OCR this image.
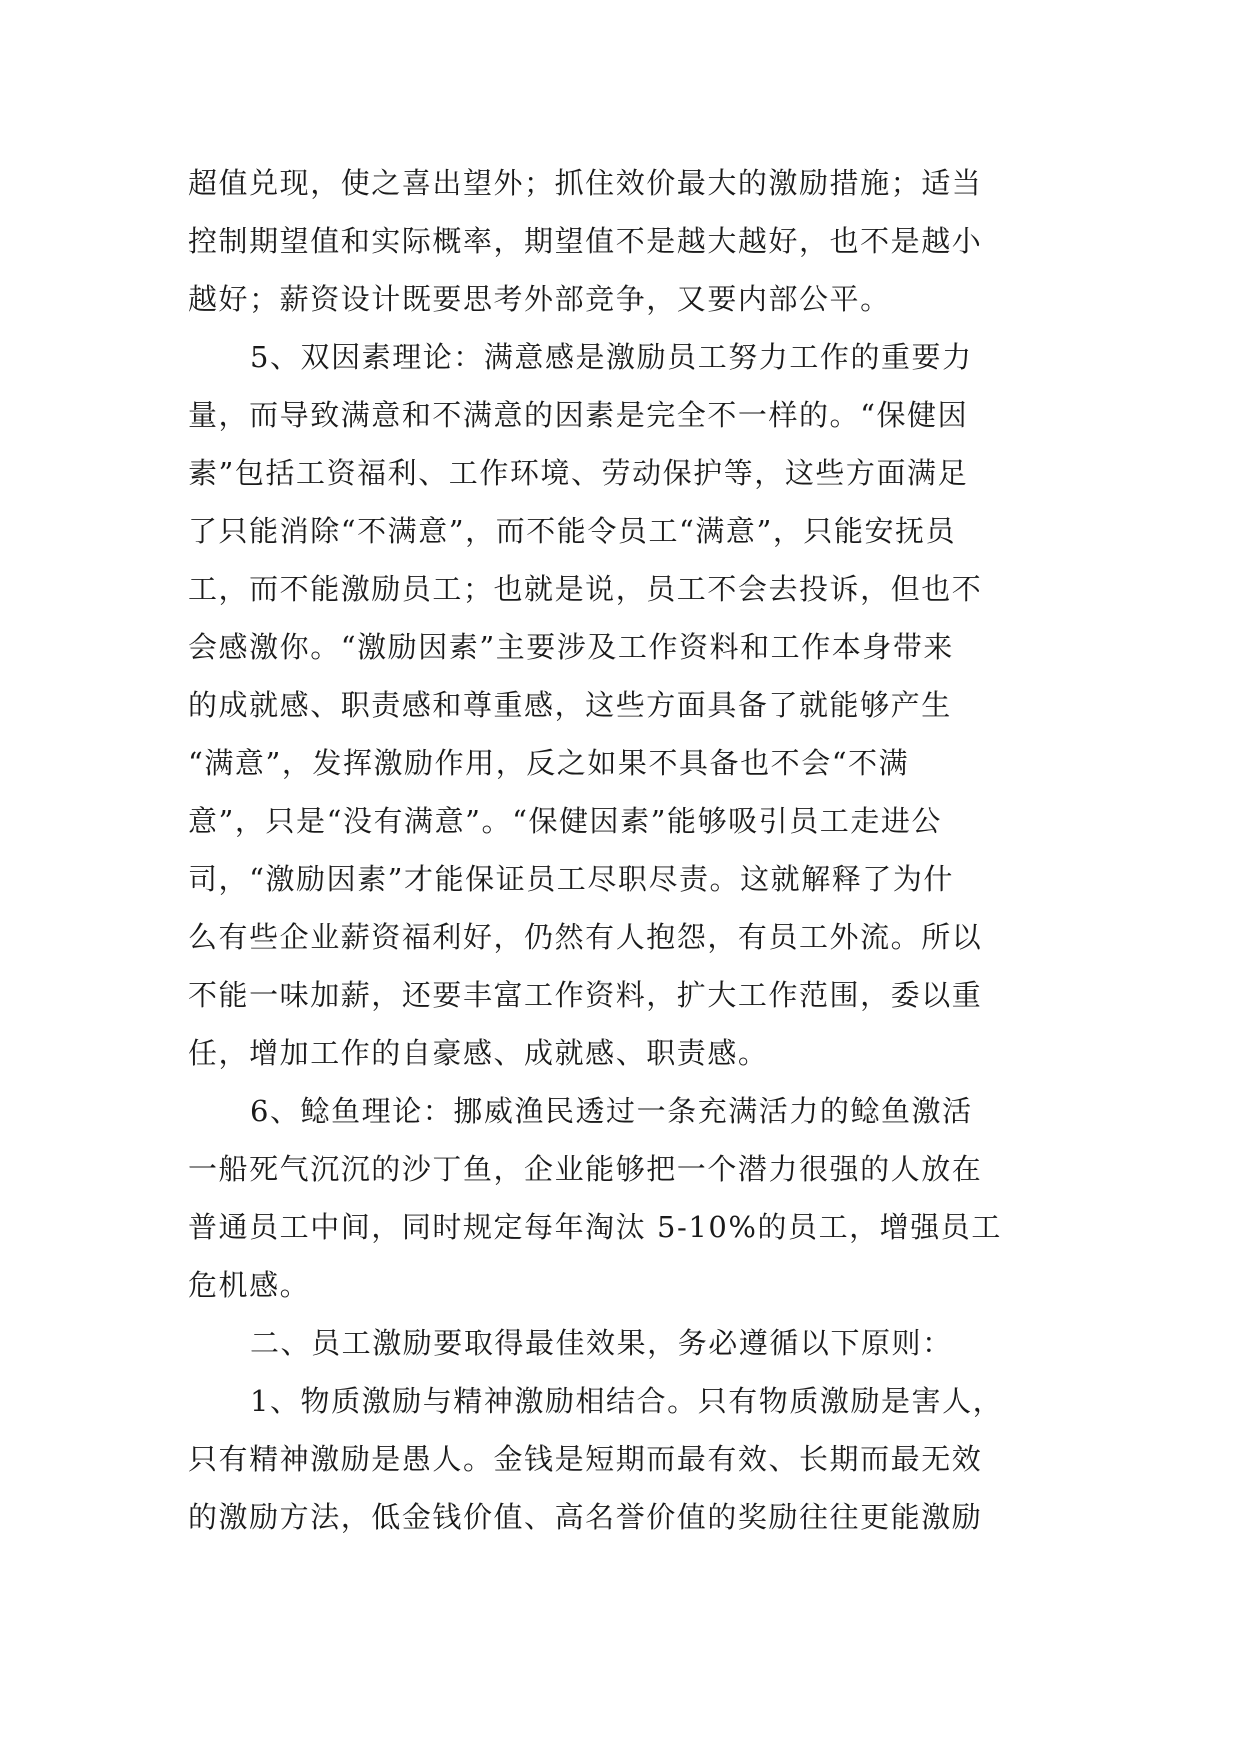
超值兑现，使之喜出望外；抓住效价最大的激励措施；适当
控制期望值和实际概率，期望值不是越大越好，也不是越小
越好；薪资设计既要思考外部竞争，又要内部公平。
5、双因素理论：满意感是激励员工努力工作的重要力
量，而导致满意和不满意的因素是完全不一样的。“保健因
素”包括工资福利、工作环境、劳动保护等，这些方面满足
了只能消除“不满意”，而不能令员工“满意”，只能安抚员
工，而不能激励员工；也就是说，员工不会去投诉，但也不
会感激你。“激励因素”主要涉及工作资料和工作本身带来
的成就感、职责感和尊重感，这些方面具备了就能够产生
“满意”，发挥激励作用，反之如果不具备也不会“不满
意”，只是“没有满意”。“保健因素”能够吸引员工走进公
司，“激励因素”才能保证员工尽职尽责。这就解释了为什
么有些企业薪资福利好，仍然有人抱怨，有员工外流。所以
不能一味加薪，还要丰富工作资料，扩大工作范围，委以重
任，增加工作的自豪感、成就感、职责感。
6、鲶鱼理论：挪威渔民透过一条充满活力的鲶鱼激活
一船死气沉沉的沙丁鱼，企业能够把一个潜力很强的人放在
普通员工中间，同时规定每年淘汰 5-10%的员工，增强员工
危机感。
二、员工激励要取得最佳效果，务必遵循以下原则：
1、物质激励与精神激励相结合。只有物质激励是害人，
只有精神激励是愚人。金钱是短期而最有效、长期而最无效
的激励方法，低金钱价值、高名誉价值的奖励往往更能激励
